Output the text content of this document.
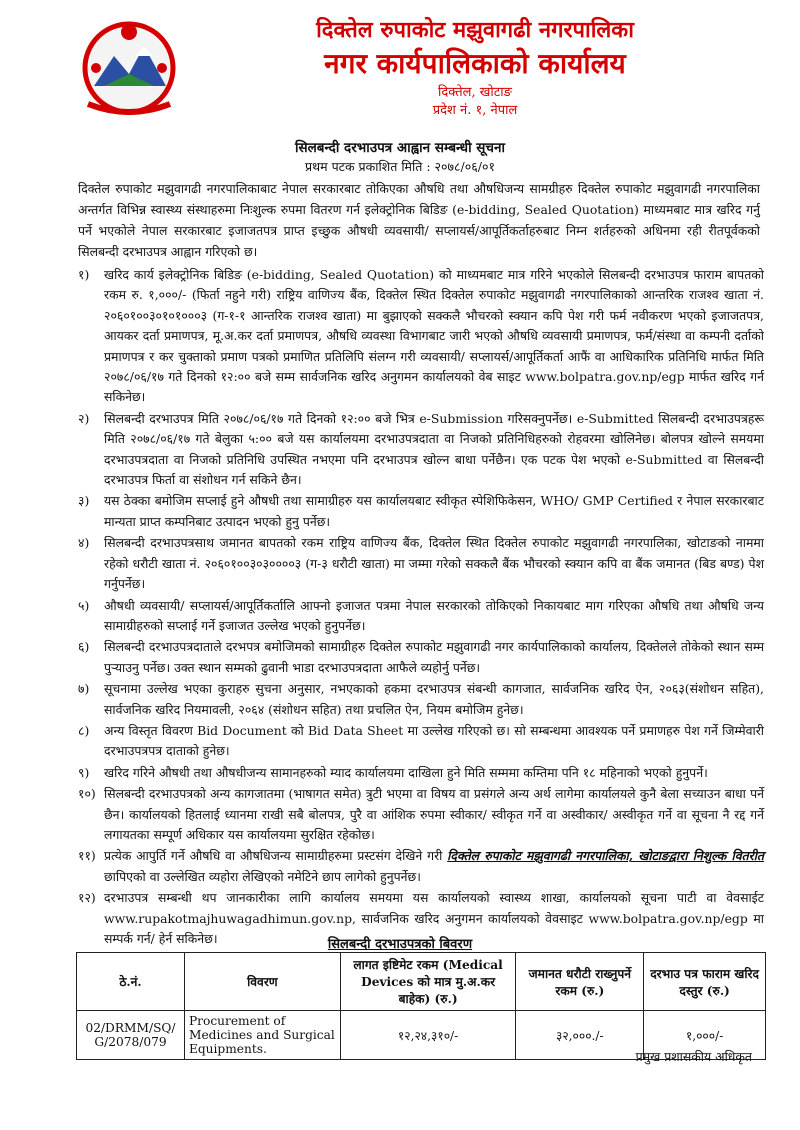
दिक्तेल रुपाकोट मझुवागढी नगरपालिका
नगर कार्यपालिकाको कार्यालय
दिक्तेल, खोटाङ
प्रदेश नं. १, नेपाल
सिलबन्दी दरभाउपत्र आह्वान सम्बन्धी सूचना
प्रथम पटक प्रकाशित मिति : २०७८/०६/०१
दिक्तेल रुपाकोट मझुवागढी नगरपालिकाबाट नेपाल सरकारबाट तोकिएका औषधि तथा औषधिजन्य सामग्रीहरु दिक्तेल रुपाकोट मझुवागढी नगरपालिका अन्तर्गत विभिन्न स्वास्थ्य संस्थाहरुमा निःशुल्क रुपमा वितरण गर्न इलेक्ट्रोनिक बिडिङ (e-bidding, Sealed Quotation) माध्यमबाट मात्र खरिद गर्नु पर्ने भएकोले नेपाल सरकारबाट इजाजतपत्र प्राप्त इच्छुक औषधी व्यवसायी/ सप्लायर्स/आपूर्तिकर्ताहरुबाट निम्न शर्तहरुको अधिनमा रही रीतपूर्वकको सिलबन्दी दरभाउपत्र आह्वान गरिएको छ।
१)	खरिद कार्य इलेक्ट्रोनिक बिडिङ (e-bidding, Sealed Quotation) को माध्यमबाट मात्र गरिने भएकोले सिलबन्दी दरभाउपत्र फाराम बापतको रकम रु. १,०००/- (फिर्ता नहुने गरी) राष्ट्रिय वाणिज्य बैंक, दिक्तेल स्थित दिक्तेल रुपाकोट मझुवागढी नगरपालिकाको आन्तरिक राजश्व खाता नं. २०६०१००३०१०१०००३ (ग-१-१ आन्तरिक राजश्व खाता) मा बुझाएको सक्कलै भौचरको स्क्यान कपि पेश गरी फर्म नवीकरण भएको इजाजतपत्र, आयकर दर्ता प्रमाणपत्र, मू.अ.कर दर्ता प्रमाणपत्र, औषधि व्यवस्था विभागबाट जारी भएको औषधि व्यवसायी प्रमाणपत्र, फर्म/संस्था वा कम्पनी दर्ताको प्रमाणपत्र र कर चुक्ताको प्रमाण पत्रको प्रमाणित प्रतिलिपि संलग्न गरी व्यवसायी/ सप्लायर्स/आपूर्तिकर्ता आफैं वा आधिकारिक प्रतिनिधि मार्फत मिति २०७८/०६/१७ गते दिनको १२:०० बजे सम्म सार्वजनिक खरिद अनुगमन कार्यालयको वेब साइट www.bolpatra.gov.np/egp मार्फत खरिद गर्न सकिनेछ।
२)	सिलबन्दी दरभाउपत्र मिति २०७८/०६/१७ गते दिनको १२:०० बजे भित्र e-Submission गरिसक्नुपर्नेछ। e-Submitted सिलबन्दी दरभाउपत्रहरू मिति २०७८/०६/१७ गते बेलुका ५:०० बजे यस कार्यालयमा दरभाउपत्रदाता वा निजको प्रतिनिधिहरुको रोहवरमा खोलिनेछ। बोलपत्र खोल्ने समयमा दरभाउपत्रदाता वा निजको प्रतिनिधि उपस्थित नभएमा पनि दरभाउपत्र खोल्न बाधा पर्नेछैन। एक पटक पेश भएको e-Submitted वा सिलबन्दी दरभाउपत्र फिर्ता वा संशोधन गर्न सकिने छैन।
३)	यस ठेक्का बमोजिम सप्लाई हुने औषधी तथा सामाग्रीहरु यस कार्यालयबाट स्वीकृत स्पेशिफिकेसन, WHO/ GMP Certified र नेपाल सरकारबाट मान्यता प्राप्त कम्पनिबाट उत्पादन भएको हुनु पर्नेछ।
४)	सिलबन्दी दरभाउपत्रसाथ जमानत बापतको रकम राष्ट्रिय वाणिज्य बैंक, दिक्तेल स्थित दिक्तेल रुपाकोट मझुवागढी नगरपालिका, खोटाङको नाममा रहेको धरौटी खाता नं. २०६०१००३०३००००३ (ग-३ धरौटी खाता) मा जम्मा गरेको सक्कलै बैंक भौचरको स्क्यान कपि वा बैंक जमानत (बिड बण्ड) पेश गर्नुपर्नेछ।
५)	औषधी व्यवसायी/ सप्लायर्स/आपूर्तिकर्तालि आफ्नो इजाजत पत्रमा नेपाल सरकारको तोकिएको निकायबाट माग गरिएका औषधि तथा औषधि जन्य सामाग्रीहरुको सप्लाई गर्ने इजाजत उल्लेख भएको हुनुपर्नेछ।
६)	सिलबन्दी दरभाउपत्रदाताले दरभपत्र बमोजिमको सामाग्रीहरु दिक्तेल रुपाकोट मझुवागढी नगर कार्यपालिकाको कार्यालय, दिक्तेलले तोकेको स्थान सम्म पुऱ्याउनु पर्नेछ। उक्त स्थान सम्मको ढुवानी भाडा दरभाउपत्रदाता आफैले व्यहोर्नु पर्नेछ।
७)	सूचनामा उल्लेख भएका कुराहरु सुचना अनुसार, नभएकाको हकमा दरभाउपत्र संबन्धी कागजात, सार्वजनिक खरिद ऐन, २०६३(संशोधन सहित), सार्वजनिक खरिद नियमावली, २०६४ (संशोधन सहित) तथा प्रचलित ऐन, नियम बमोजिम हुनेछ।
८)	अन्य विस्तृत विवरण Bid Document को Bid Data Sheet मा उल्लेख गरिएको छ। सो सम्बन्धमा आवश्यक पर्ने प्रमाणहरु पेश गर्ने जिम्मेवारी दरभाउपत्रपत्र दाताको हुनेछ।
९)	खरिद गरिने औषधी तथा औषधीजन्य सामानहरुको म्याद कार्यालयमा दाखिला हुने मिति सम्ममा कम्तिमा पनि १८ महिनाको भएको हुनुपर्ने।
१०) सिलबन्दी दरभाउपत्रको अन्य कागजातमा (भाषागत समेत) त्रुटी भएमा वा विषय वा प्रसंगले अन्य अर्थ लागेमा कार्यालयले कुनै बेला सच्याउन बाधा पर्ने छैन। कार्यालयको हितलाई ध्यानमा राखी सबै बोलपत्र, पुरै वा आंशिक रुपमा स्वीकार/ स्वीकृत गर्ने वा अस्वीकार/ अस्वीकृत गर्ने वा सूचना नै रद्द गर्ने लगायतका सम्पूर्ण अधिकार यस कार्यालयमा सुरक्षित रहेकोछ।
११) प्रत्येक आपुर्ति गर्ने औषधि वा औषधिजन्य सामाग्रीहरुमा प्रस्टसंग देखिने गरी दिक्तेल रुपाकोट मझुवागढी नगरपालिका, खोटाङद्वारा निशुल्क वितरीत छापिएको वा उल्लेखित व्यहोरा लेखिएको नमेटिने छाप लागेको हुनुपर्नेछ।
१२) दरभाउपत्र सम्बन्धी थप जानकारीका लागि कार्यालय समयमा यस कार्यालयको स्वास्थ्य शाखा, कार्यालयको सूचना पाटी वा वेवसाईट www.rupakotmajhuwagadhimun.gov.np, सार्वजनिक खरिद अनुगमन कार्यालयको वेवसाइट www.bolpatra.gov.np/egp मा सम्पर्क गर्न/ हेर्न सकिनेछ।	सिलबन्दी दरभाउपत्रको बिवरण
ठे.नं.	विवरण	लागत इष्टिमेट रकम (Medical Devices को मात्र मु.अ.कर बाहेक) (रु.)	जमानत धरौटी राख्नुपर्ने रकम (रु.)	दरभाउ पत्र फाराम खरिद दस्तुर (रु.)
02/DRMM/SQ/ G/2078/079	Procurement of Medicines and Surgical Equipments.	१२,२४,३१०/-	३२,०००./-	१,०००/-
प्रमुख प्रशासकीय अधिकृत
